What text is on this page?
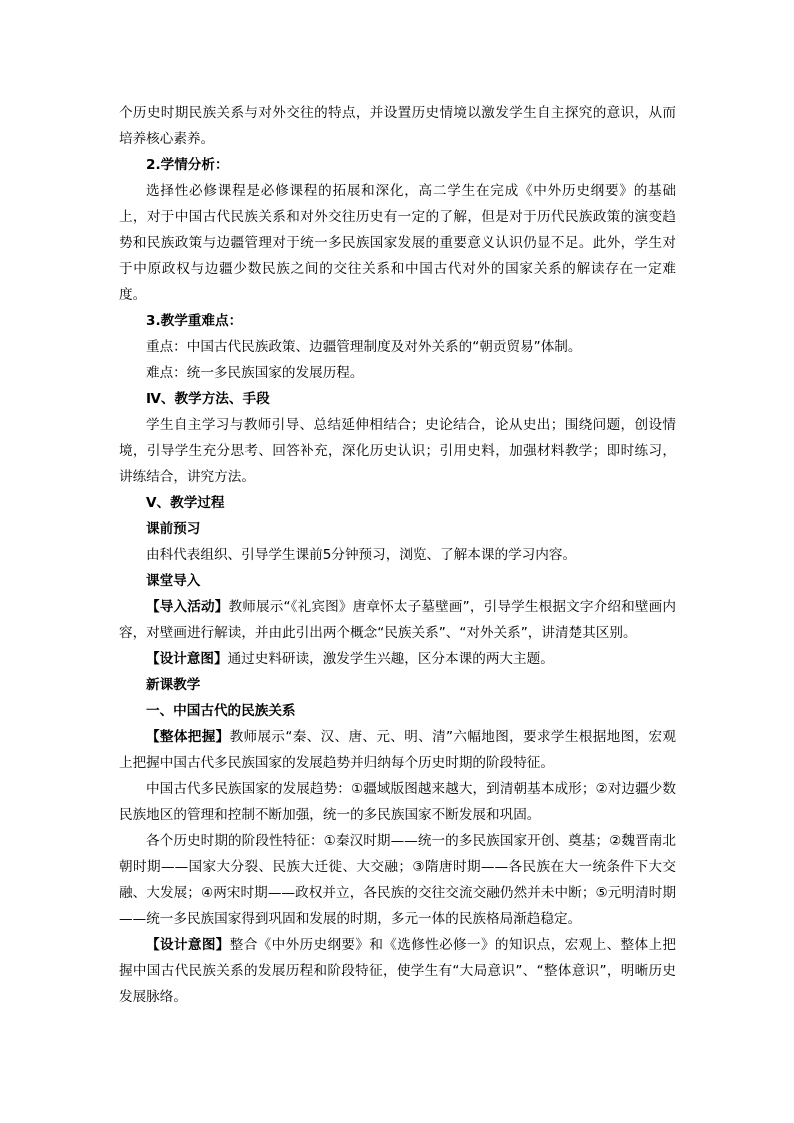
个历史时期民族关系与对外交往的特点，并设置历史情境以激发学生自主探究的意识，从而培养核心素养。

2.学情分析：

选择性必修课程是必修课程的拓展和深化，高二学生在完成《中外历史纲要》的基础上，对于中国古代民族关系和对外交往历史有一定的了解，但是对于历代民族政策的演变趋势和民族政策与边疆管理对于统一多民族国家发展的重要意义认识仍显不足。此外，学生对于中原政权与边疆少数民族之间的交往关系和中国古代对外的国家关系的解读存在一定难度。

3.教学重难点：

重点：中国古代民族政策、边疆管理制度及对外关系的“朝贡贸易”体制。

难点：统一多民族国家的发展历程。

Ⅳ、教学方法、手段

学生自主学习与教师引导、总结延伸相结合；史论结合，论从史出；围绕问题，创设情境，引导学生充分思考、回答补充，深化历史认识；引用史料，加强材料教学；即时练习，讲练结合，讲究方法。

Ⅴ、教学过程

课前预习

由科代表组织、引导学生课前5分钟预习，浏览、了解本课的学习内容。

课堂导入

【导入活动】教师展示“《礼宾图》唐章怀太子墓壁画”，引导学生根据文字介绍和壁画内容，对壁画进行解读，并由此引出两个概念“民族关系”、“对外关系”，讲清楚其区别。

【设计意图】通过史料研读，激发学生兴趣，区分本课的两大主题。

新课教学

一、中国古代的民族关系

【整体把握】教师展示“秦、汉、唐、元、明、清”六幅地图，要求学生根据地图，宏观上把握中国古代多民族国家的发展趋势并归纳每个历史时期的阶段特征。

中国古代多民族国家的发展趋势：①疆域版图越来越大，到清朝基本成形；②对边疆少数民族地区的管理和控制不断加强，统一的多民族国家不断发展和巩固。

各个历史时期的阶段性特征：①秦汉时期——统一的多民族国家开创、奠基；②魏晋南北朝时期——国家大分裂、民族大迁徙、大交融；③隋唐时期——各民族在大一统条件下大交融、大发展；④两宋时期——政权并立，各民族的交往交流交融仍然并未中断；⑤元明清时期——统一多民族国家得到巩固和发展的时期，多元一体的民族格局渐趋稳定。

【设计意图】整合《中外历史纲要》和《选修性必修一》的知识点，宏观上、整体上把握中国古代民族关系的发展历程和阶段特征，使学生有“大局意识”、“整体意识”，明晰历史发展脉络。
